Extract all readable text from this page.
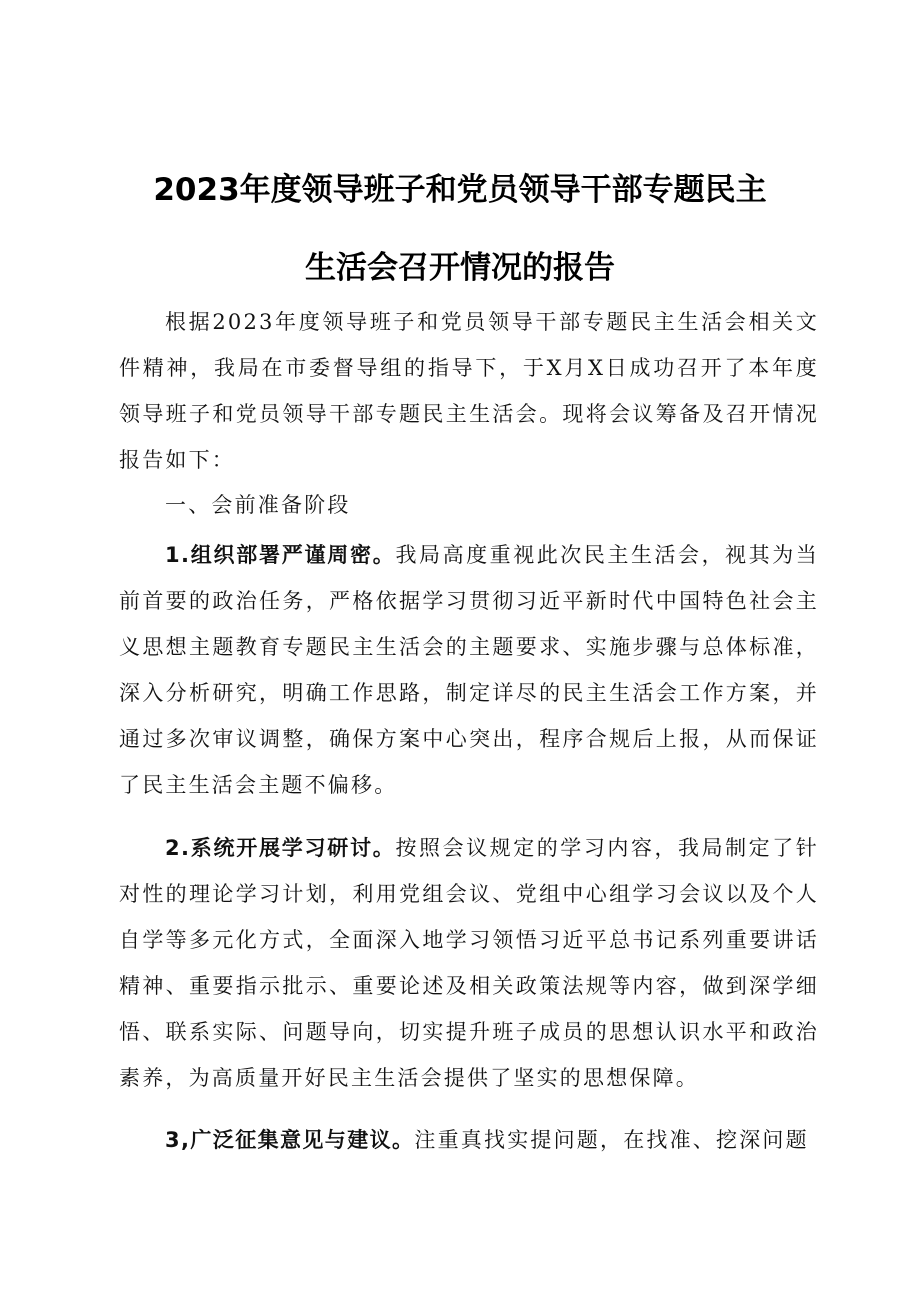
2023年度领导班子和党员领导干部专题民主
生活会召开情况的报告

根据2023年度领导班子和党员领导干部专题民主生活会相关文件精神，我局在市委督导组的指导下，于X月X日成功召开了本年度领导班子和党员领导干部专题民主生活会。现将会议筹备及召开情况报告如下：

一、会前准备阶段

1.组织部署严谨周密。我局高度重视此次民主生活会，视其为当前首要的政治任务，严格依据学习贯彻习近平新时代中国特色社会主义思想主题教育专题民主生活会的主题要求、实施步骤与总体标准，深入分析研究，明确工作思路，制定详尽的民主生活会工作方案，并通过多次审议调整，确保方案中心突出，程序合规后上报，从而保证了民主生活会主题不偏移。

2.系统开展学习研讨。按照会议规定的学习内容，我局制定了针对性的理论学习计划，利用党组会议、党组中心组学习会议以及个人自学等多元化方式，全面深入地学习领悟习近平总书记系列重要讲话精神、重要指示批示、重要论述及相关政策法规等内容，做到深学细悟、联系实际、问题导向，切实提升班子成员的思想认识水平和政治素养，为高质量开好民主生活会提供了坚实的思想保障。

3,广泛征集意见与建议。注重真找实提问题，在找准、挖深问题
